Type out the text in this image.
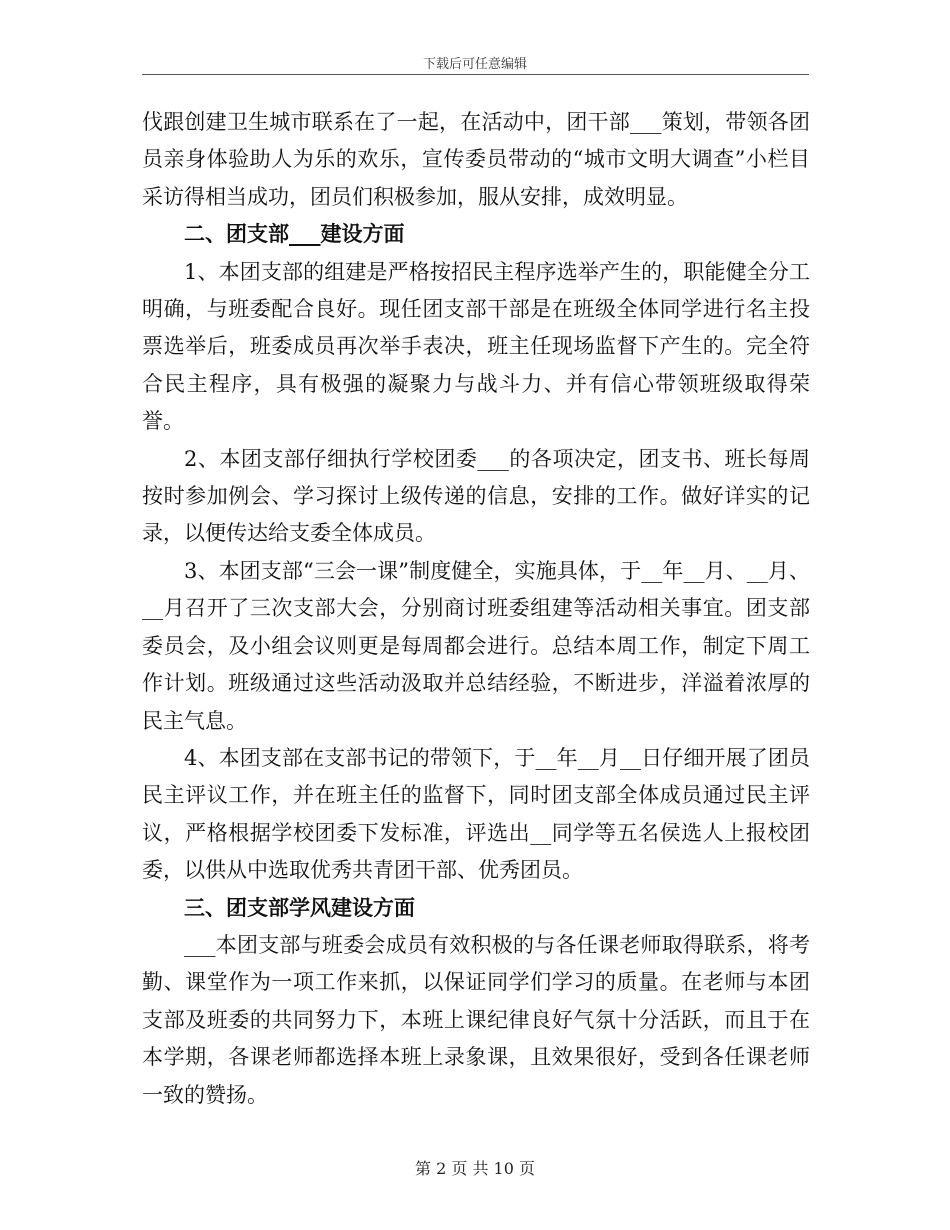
下载后可任意编辑

伐跟创建卫生城市联系在了一起，在活动中，团干部___策划，带领各团员亲身体验助人为乐的欢乐，宣传委员带动的“城市文明大调查”小栏目采访得相当成功，团员们积极参加，服从安排，成效明显。

二、团支部___建设方面

1、本团支部的组建是严格按招民主程序选举产生的，职能健全分工明确，与班委配合良好。现任团支部干部是在班级全体同学进行名主投票选举后，班委成员再次举手表决，班主任现场监督下产生的。完全符合民主程序，具有极强的凝聚力与战斗力、并有信心带领班级取得荣誉。

2、本团支部仔细执行学校团委___的各项决定，团支书、班长每周按时参加例会、学习探讨上级传递的信息，安排的工作。做好详实的记录，以便传达给支委全体成员。

3、本团支部“三会一课”制度健全，实施具体，于__年__月、__月、__月召开了三次支部大会，分别商讨班委组建等活动相关事宜。团支部委员会，及小组会议则更是每周都会进行。总结本周工作，制定下周工作计划。班级通过这些活动汲取并总结经验，不断进步，洋溢着浓厚的民主气息。

4、本团支部在支部书记的带领下，于__年__月__日仔细开展了团员民主评议工作，并在班主任的监督下，同时团支部全体成员通过民主评议，严格根据学校团委下发标准，评选出__同学等五名侯选人上报校团委，以供从中选取优秀共青团干部、优秀团员。

三、团支部学风建设方面

___本团支部与班委会成员有效积极的与各任课老师取得联系，将考勤、课堂作为一项工作来抓，以保证同学们学习的质量。在老师与本团支部及班委的共同努力下，本班上课纪律良好气氛十分活跃，而且于在本学期，各课老师都选择本班上录象课，且效果很好，受到各任课老师一致的赞扬。

第 2 页 共 10 页
